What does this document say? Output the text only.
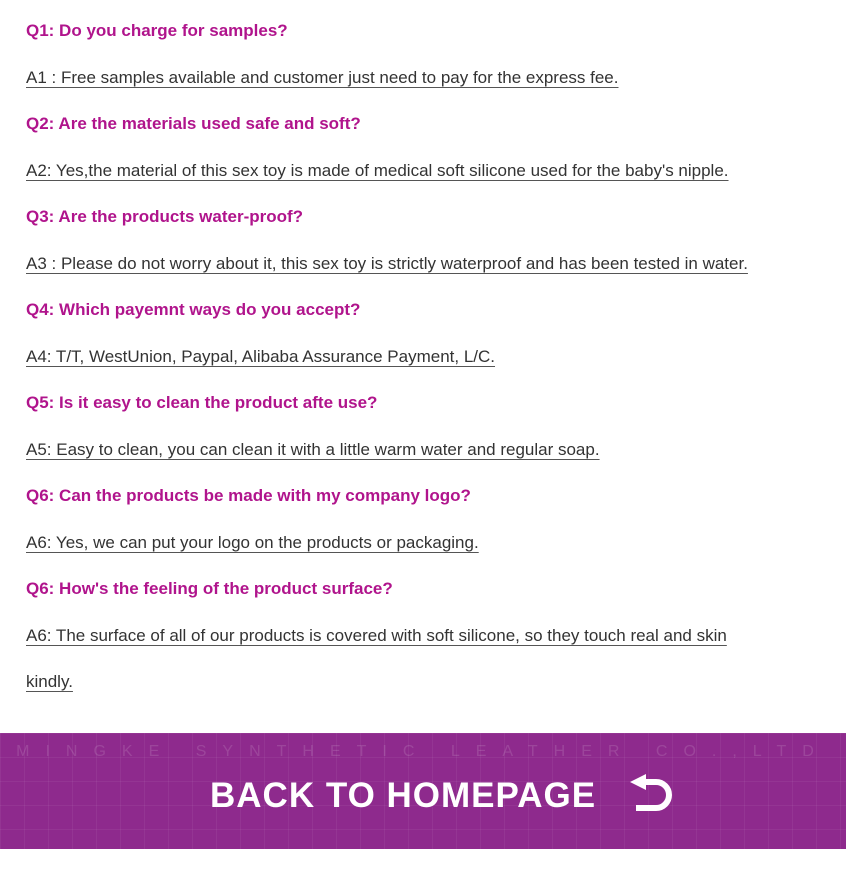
Q1: Do you charge for samples?
A1 : Free samples available and customer just need to pay for the express fee.
Q2: Are the materials used safe and soft?
A2: Yes,the material of this sex toy is made of medical soft silicone used for the baby's nipple.
Q3: Are the products water-proof?
A3 : Please do not worry about it, this sex toy is strictly waterproof and has been tested in water.
Q4: Which payemnt ways do you accept?
A4: T/T, WestUnion, Paypal, Alibaba Assurance Payment, L/C.
Q5: Is it easy to clean the product afte use?
A5: Easy to clean, you can clean it with a little warm water and regular soap.
Q6: Can the products be made with my company logo?
A6: Yes, we can put your logo on the products or packaging.
Q6: How's the feeling of the product surface?
A6: The surface of all of our products is covered with soft silicone, so they touch real and skin
kindly.
MINGKE SYNTHETIC LEATHER CO.,LTD
BACK TO HOMEPAGE
